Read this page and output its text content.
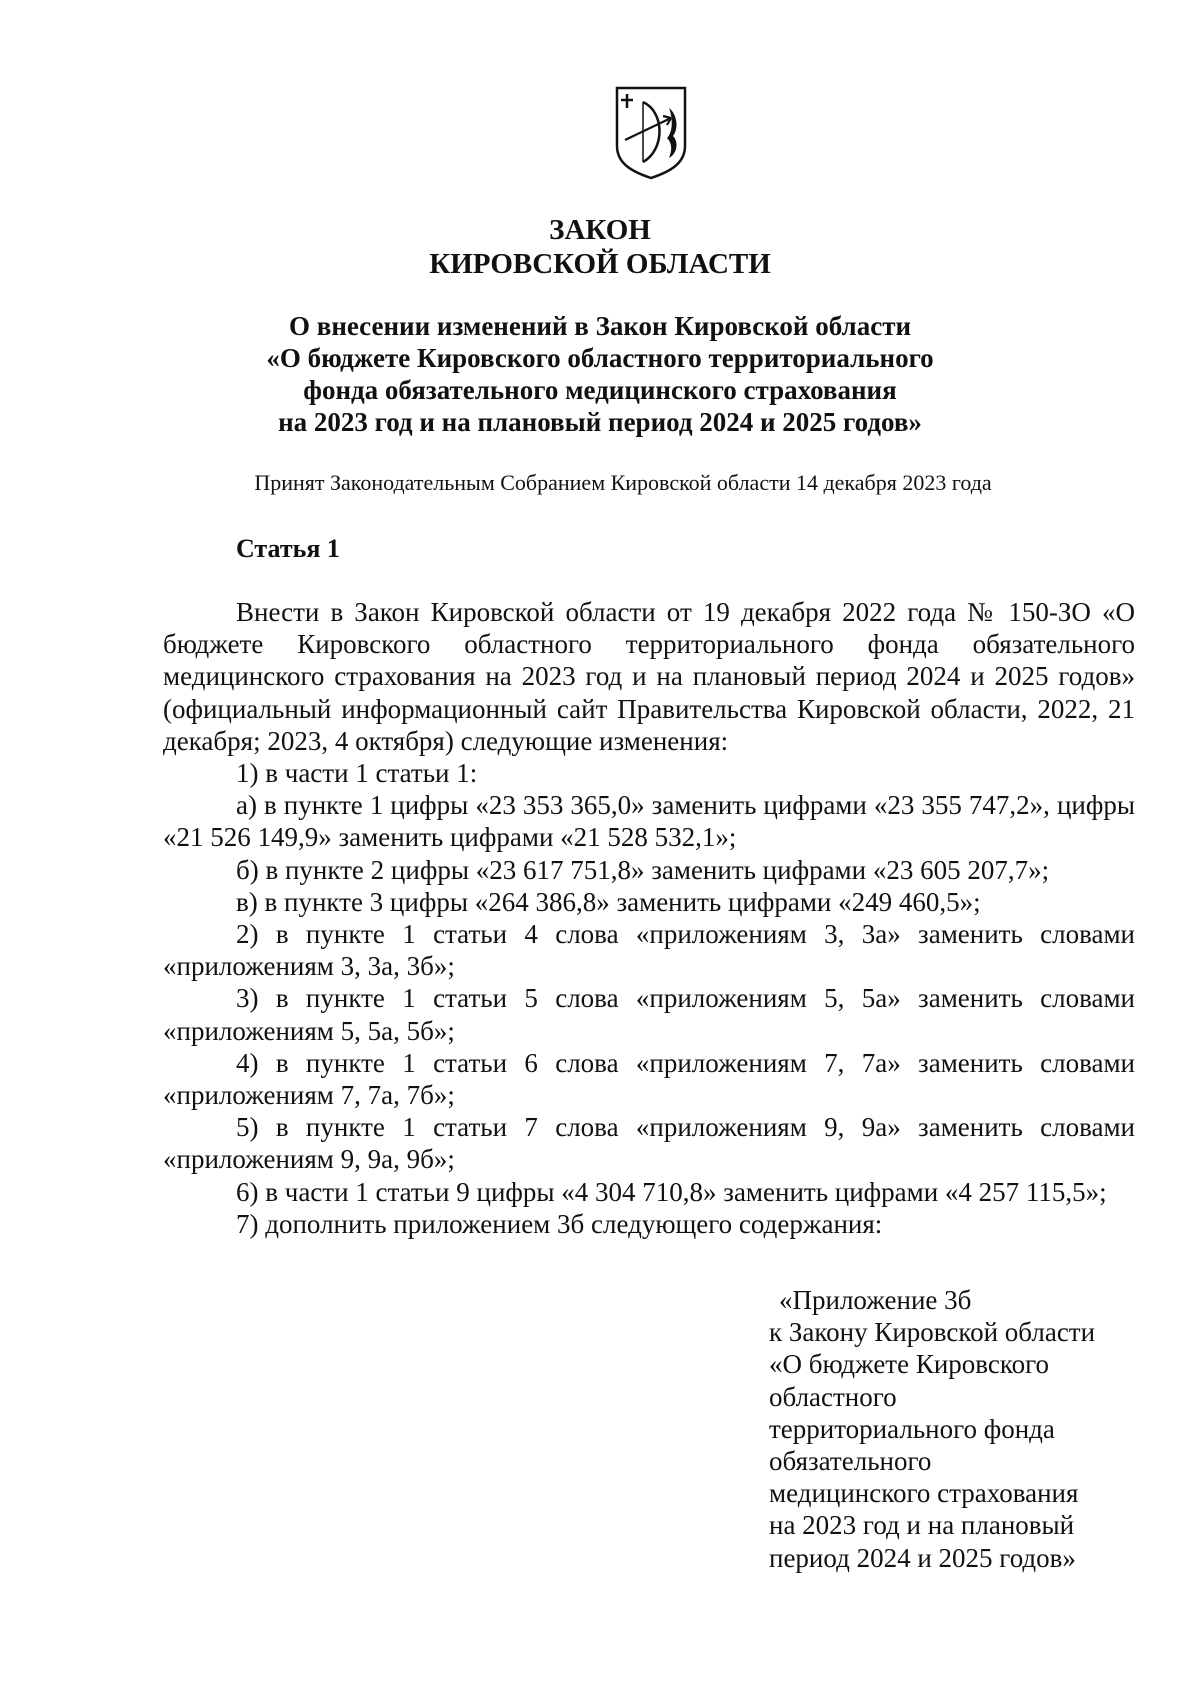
ЗАКОН
КИРОВСКОЙ ОБЛАСТИ
О внесении изменений в Закон Кировской области
«О бюджете Кировского областного территориального
фонда обязательного медицинского страхования
на 2023 год и на плановый период 2024 и 2025 годов»
Принят Законодательным Собранием Кировской области 14 декабря 2023 года
Статья 1

Внести в Закон Кировской области от 19 декабря 2022 года № 150-ЗО «О бюджете Кировского областного территориального фонда обязательного медицинского страхования на 2023 год и на плановый период 2024 и 2025 годов» (официальный информационный сайт Правительства Кировской области, 2022, 21 декабря; 2023, 4 октября) следующие изменения:

1) в части 1 статьи 1:

а) в пункте 1 цифры «23 353 365,0» заменить цифрами «23 355 747,2», цифры «21 526 149,9» заменить цифрами «21 528 532,1»;

б) в пункте 2 цифры «23 617 751,8» заменить цифрами «23 605 207,7»;

в) в пункте 3 цифры «264 386,8» заменить цифрами «249 460,5»;

2) в пункте 1 статьи 4 слова «приложениям 3, 3а» заменить словами «приложениям 3, 3а, 3б»;

3) в пункте 1 статьи 5 слова «приложениям 5, 5а» заменить словами «приложениям 5, 5а, 5б»;

4) в пункте 1 статьи 6 слова «приложениям 7, 7а» заменить словами «приложениям 7, 7а, 7б»;

5) в пункте 1 статьи 7 слова «приложениям 9, 9а» заменить словами «приложениям 9, 9а, 9б»;

6) в части 1 статьи 9 цифры «4 304 710,8» заменить цифрами «4 257 115,5»;

7) дополнить приложением 3б следующего содержания:

«Приложение 3б
к Закону Кировской области
«О бюджете Кировского
областного
территориального фонда
обязательного
медицинского страхования
на 2023 год и на плановый
период 2024 и 2025 годов»
